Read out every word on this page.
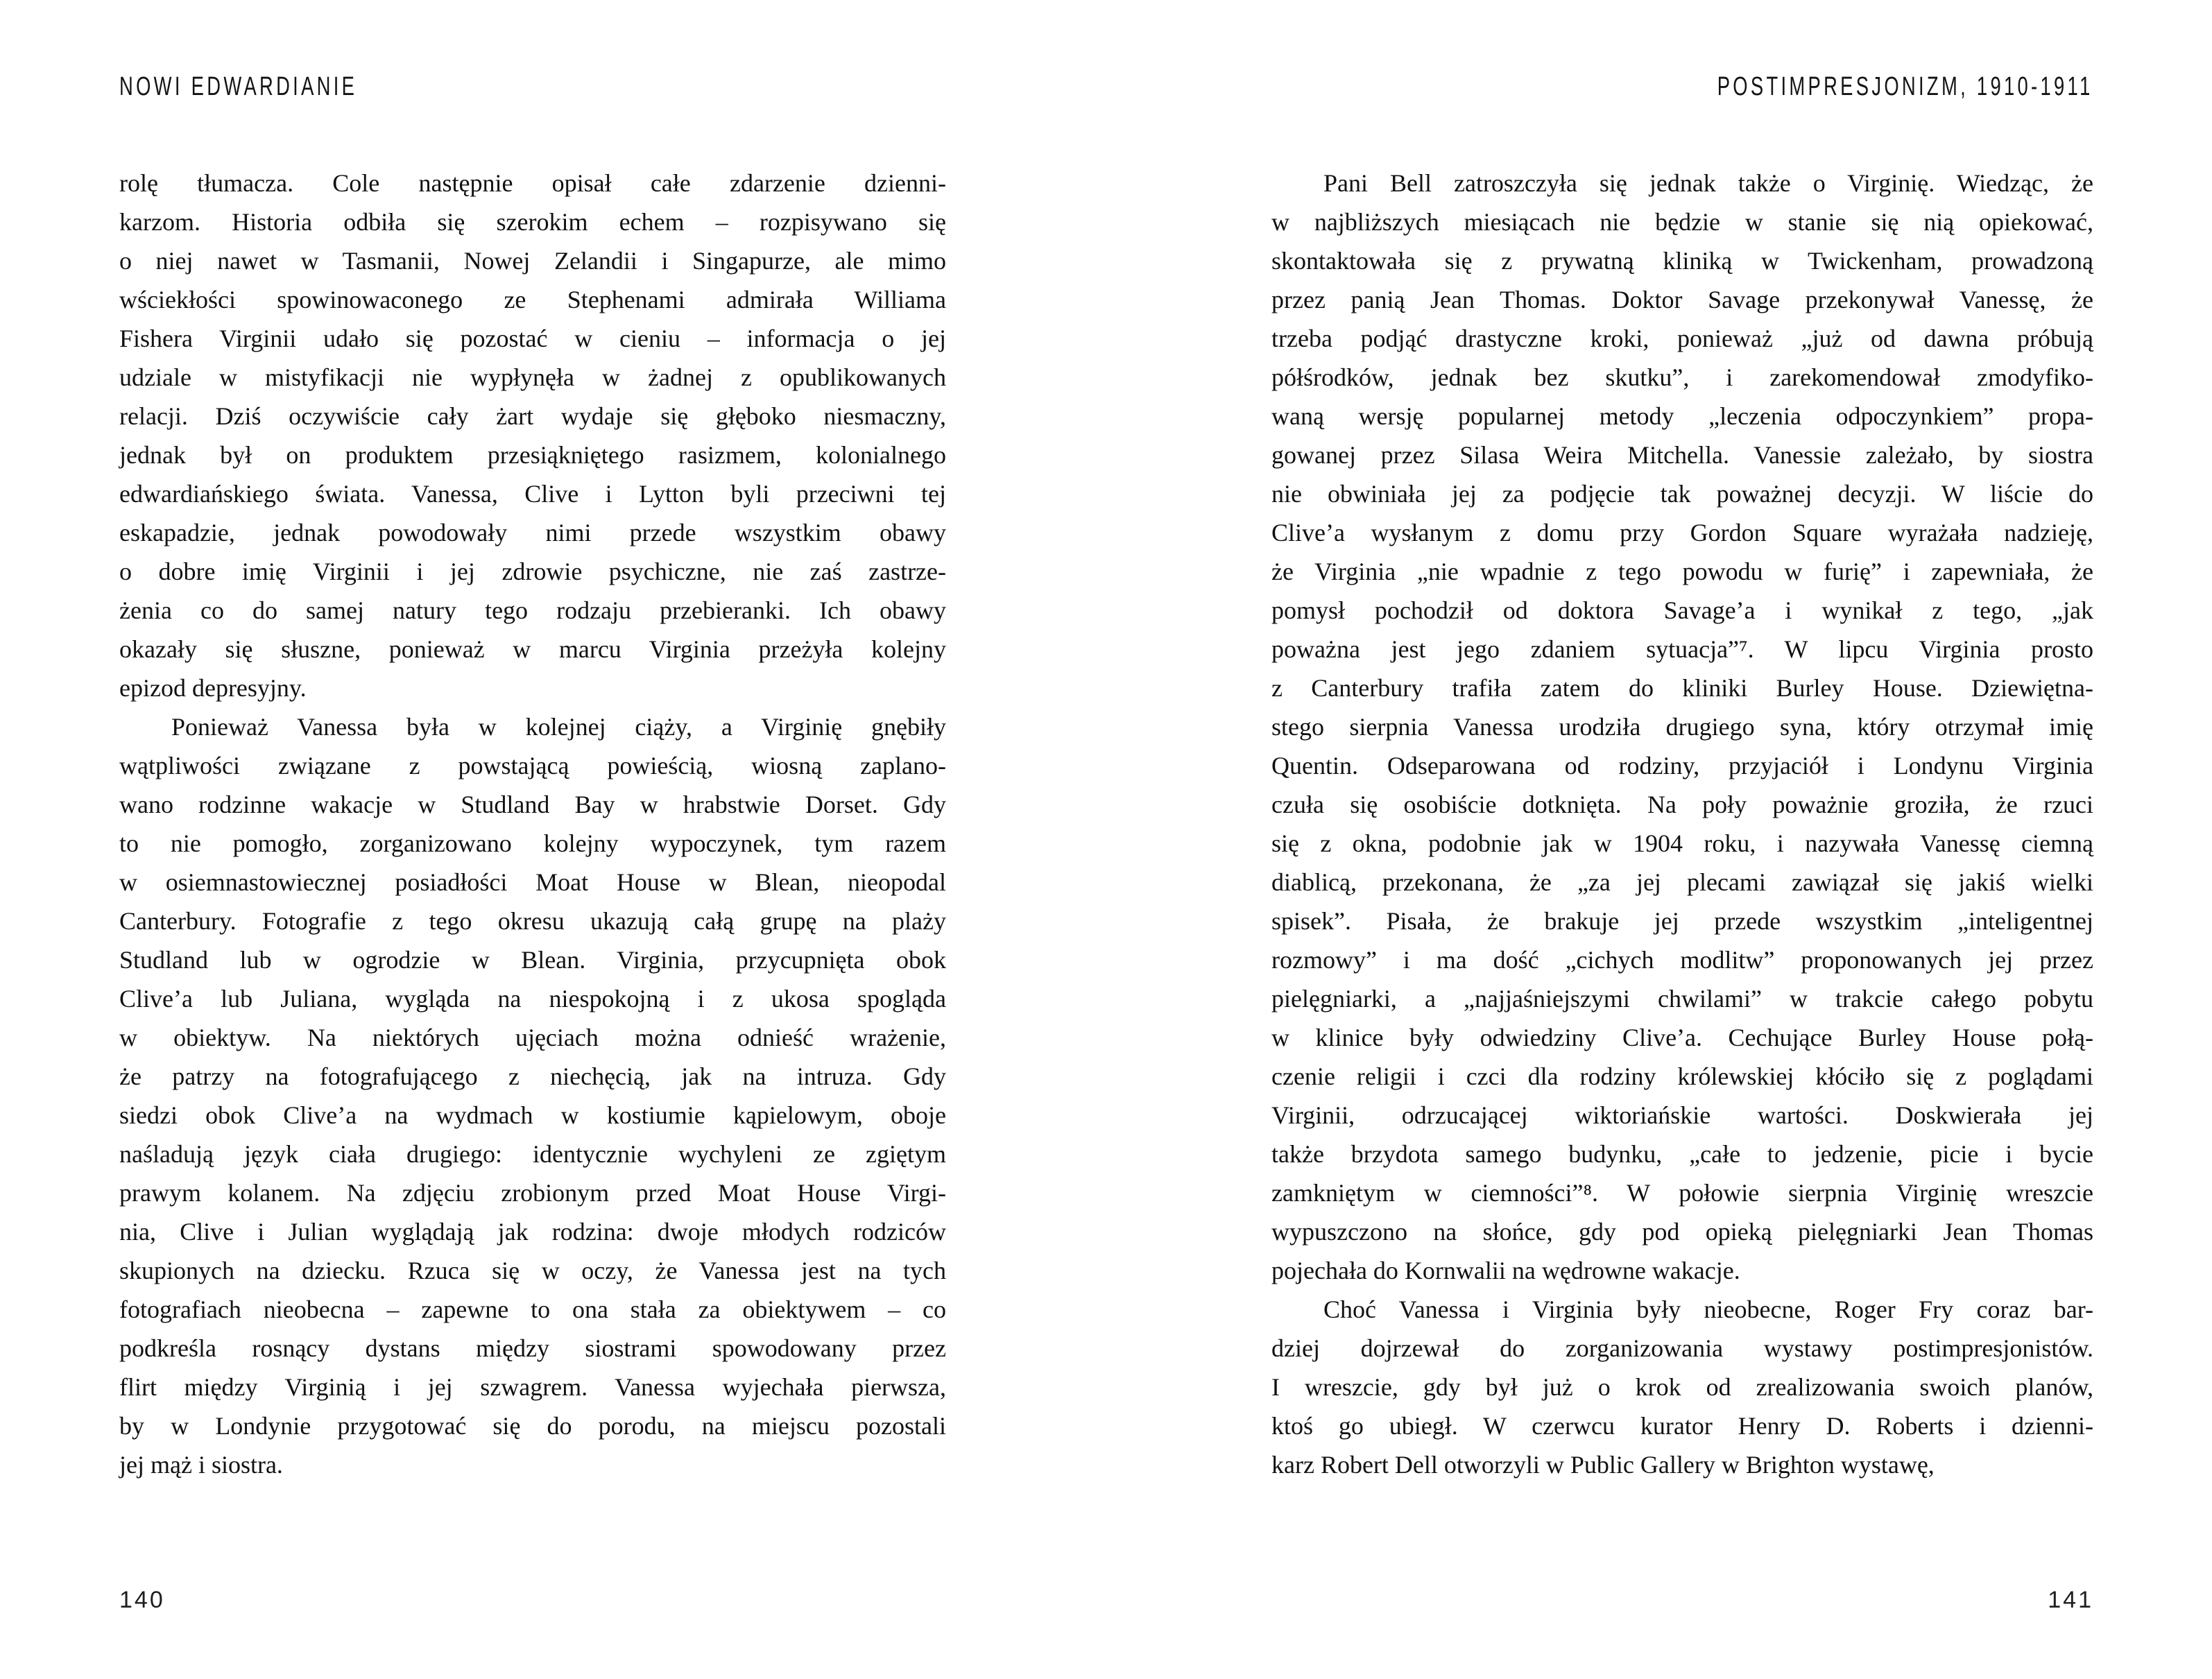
NOWI EDWARDIANIE	POSTIMPRESJONIZM, 1910-1911
rolę tłumacza. Cole następnie opisał całe zdarzenie dzienni-
karzom. Historia odbiła się szerokim echem – rozpisywano się
o niej nawet w Tasmanii, Nowej Zelandii i Singapurze, ale mimo
wściekłości spowinowaconego ze Stephenami admirała Williama
Fishera Virginii udało się pozostać w cieniu – informacja o jej
udziale w mistyfikacji nie wypłynęła w żadnej z opublikowanych
relacji. Dziś oczywiście cały żart wydaje się głęboko niesmaczny,
jednak był on produktem przesiąkniętego rasizmem, kolonialnego
edwardiańskiego świata. Vanessa, Clive i Lytton byli przeciwni tej
eskapadzie, jednak powodowały nimi przede wszystkim obawy
o dobre imię Virginii i jej zdrowie psychiczne, nie zaś zastrze-
żenia co do samej natury tego rodzaju przebieranki. Ich obawy
okazały się słuszne, ponieważ w marcu Virginia przeżyła kolejny
epizod depresyjny.
Ponieważ Vanessa była w kolejnej ciąży, a Virginię gnębiły
wątpliwości związane z powstającą powieścią, wiosną zaplano-
wano rodzinne wakacje w Studland Bay w hrabstwie Dorset. Gdy
to nie pomogło, zorganizowano kolejny wypoczynek, tym razem
w osiemnastowiecznej posiadłości Moat House w Blean, nieopodal
Canterbury. Fotografie z tego okresu ukazują całą grupę na plaży
Studland lub w ogrodzie w Blean. Virginia, przycupnięta obok
Clive’a lub Juliana, wygląda na niespokojną i z ukosa spogląda
w obiektyw. Na niektórych ujęciach można odnieść wrażenie,
że patrzy na fotografującego z niechęcią, jak na intruza. Gdy
siedzi obok Clive’a na wydmach w kostiumie kąpielowym, oboje
naśladują język ciała drugiego: identycznie wychyleni ze zgiętym
prawym kolanem. Na zdjęciu zrobionym przed Moat House Virgi-
nia, Clive i Julian wyglądają jak rodzina: dwoje młodych rodziców
skupionych na dziecku. Rzuca się w oczy, że Vanessa jest na tych
fotografiach nieobecna – zapewne to ona stała za obiektywem – co
podkreśla rosnący dystans między siostrami spowodowany przez
flirt między Virginią i jej szwagrem. Vanessa wyjechała pierwsza,
by w Londynie przygotować się do porodu, na miejscu pozostali
jej mąż i siostra.
Pani Bell zatroszczyła się jednak także o Virginię. Wiedząc, że
w najbliższych miesiącach nie będzie w stanie się nią opiekować,
skontaktowała się z prywatną kliniką w Twickenham, prowadzoną
przez panią Jean Thomas. Doktor Savage przekonywał Vanessę, że
trzeba podjąć drastyczne kroki, ponieważ „już od dawna próbują
półśrodków, jednak bez skutku”, i zarekomendował zmodyfiko-
waną wersję popularnej metody „leczenia odpoczynkiem” propa-
gowanej przez Silasa Weira Mitchella. Vanessie zależało, by siostra
nie obwiniała jej za podjęcie tak poważnej decyzji. W liście do
Clive’a wysłanym z domu przy Gordon Square wyrażała nadzieję,
że Virginia „nie wpadnie z tego powodu w furię” i zapewniała, że
pomysł pochodził od doktora Savage’a i wynikał z tego, „jak
poważna jest jego zdaniem sytuacja”⁷. W lipcu Virginia prosto
z Canterbury trafiła zatem do kliniki Burley House. Dziewiętna-
stego sierpnia Vanessa urodziła drugiego syna, który otrzymał imię
Quentin. Odseparowana od rodziny, przyjaciół i Londynu Virginia
czuła się osobiście dotknięta. Na poły poważnie groziła, że rzuci
się z okna, podobnie jak w 1904 roku, i nazywała Vanessę ciemną
diablicą, przekonana, że „za jej plecami zawiązał się jakiś wielki
spisek”. Pisała, że brakuje jej przede wszystkim „inteligentnej
rozmowy” i ma dość „cichych modlitw” proponowanych jej przez
pielęgniarki, a „najjaśniejszymi chwilami” w trakcie całego pobytu
w klinice były odwiedziny Clive’a. Cechujące Burley House połą-
czenie religii i czci dla rodziny królewskiej kłóciło się z poglądami
Virginii, odrzucającej wiktoriańskie wartości. Doskwierała jej
także brzydota samego budynku, „całe to jedzenie, picie i bycie
zamkniętym w ciemności”⁸. W połowie sierpnia Virginię wreszcie
wypuszczono na słońce, gdy pod opieką pielęgniarki Jean Thomas
pojechała do Kornwalii na wędrowne wakacje.
Choć Vanessa i Virginia były nieobecne, Roger Fry coraz bar-
dziej dojrzewał do zorganizowania wystawy postimpresjonistów.
I wreszcie, gdy był już o krok od zrealizowania swoich planów,
ktoś go ubiegł. W czerwcu kurator Henry D. Roberts i dzienni-
karz Robert Dell otworzyli w Public Gallery w Brighton wystawę,
140	141
